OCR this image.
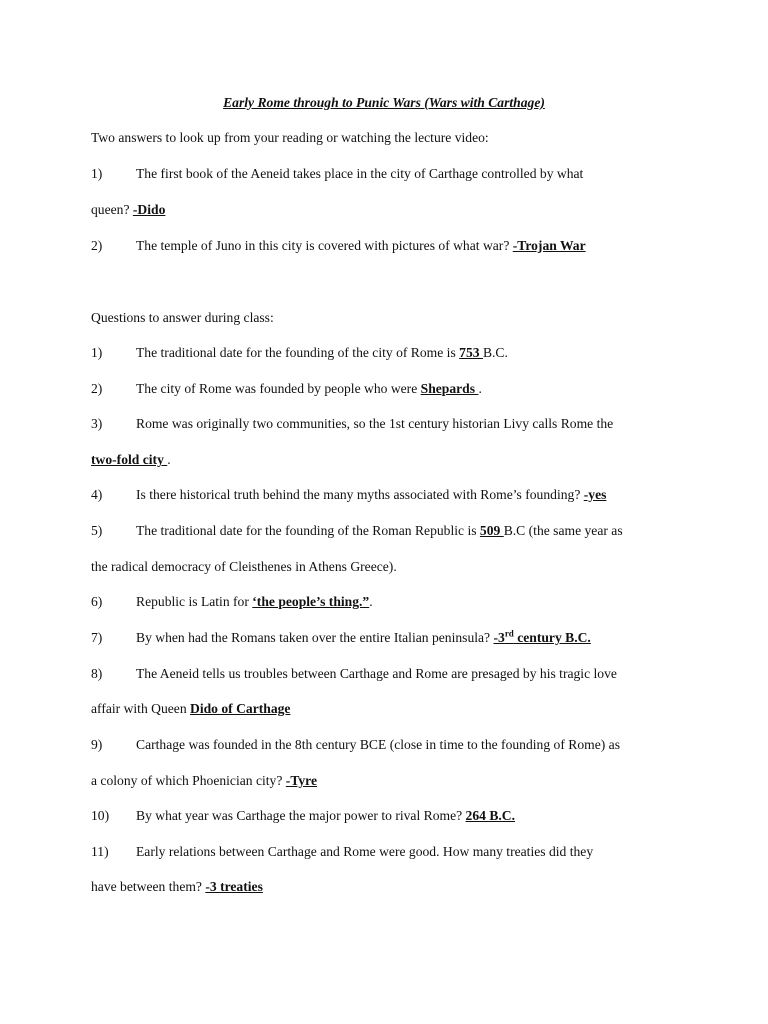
Early Rome through to Punic Wars (Wars with Carthage)
Two answers to look up from your reading or watching the lecture video:
1) The first book of the Aeneid takes place in the city of Carthage controlled by what
queen? -Dido
2) The temple of Juno in this city is covered with pictures of what war? -Trojan War
Questions to answer during class:
1) The traditional date for the founding of the city of Rome is 753 B.C.
2) The city of Rome was founded by people who were Shepards .
3) Rome was originally two communities, so the 1st century historian Livy calls Rome the
two-fold city .
4) Is there historical truth behind the many myths associated with Rome’s founding? -yes
5) The traditional date for the founding of the Roman Republic is 509 B.C (the same year as
the radical democracy of Cleisthenes in Athens Greece).
6) Republic is Latin for ‘the people’s thing.”.
7) By when had the Romans taken over the entire Italian peninsula? -3rd century B.C.
8) The Aeneid tells us troubles between Carthage and Rome are presaged by his tragic love
affair with Queen Dido of Carthage
9) Carthage was founded in the 8th century BCE (close in time to the founding of Rome) as
a colony of which Phoenician city? -Tyre
10) By what year was Carthage the major power to rival Rome? 264 B.C.
11) Early relations between Carthage and Rome were good. How many treaties did they
have between them? -3 treaties
